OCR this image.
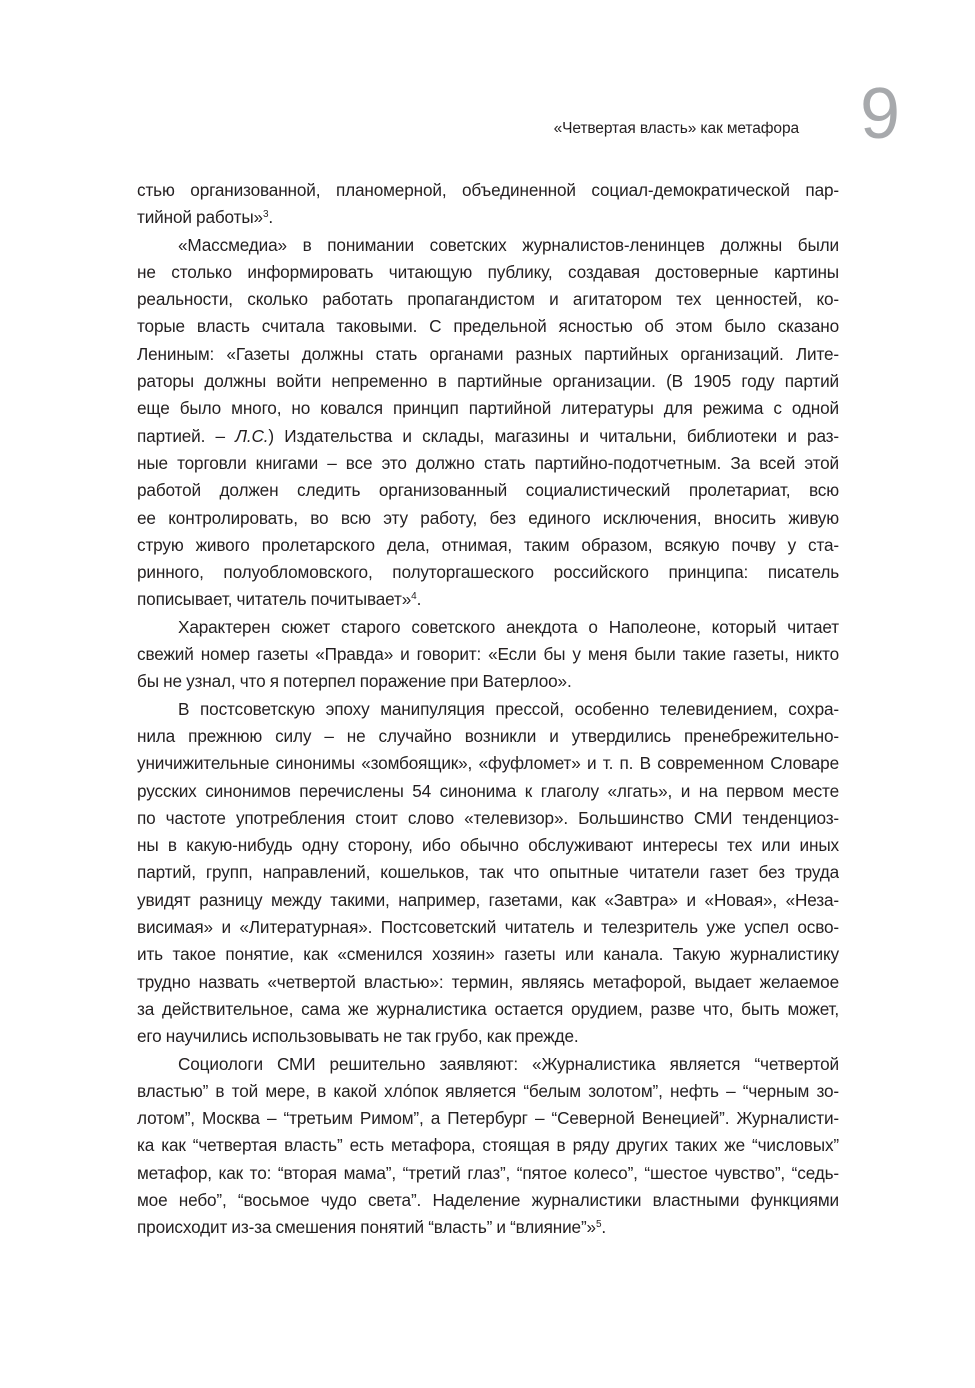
«Четвертая власть» как метафора 9
стью организованной, планомерной, объединенной социал-демократической пар-
тийной работы»$^3$.
«Массмедиа» в понимании советских журналистов-ленинцев должны были
не столько информировать читающую публику, создавая достоверные картины
реальности, сколько работать пропагандистом и агитатором тех ценностей, ко-
торые власть считала таковыми. С предельной ясностью об этом было сказано
Лениным: «Газеты должны стать органами разных партийных организаций. Лите-
раторы должны войти непременно в партийные организации. (В 1905 году партий
еще было много, но ковался принцип партийной литературы для режима с одной
партией. – Л.С.) Издательства и склады, магазины и читальни, библиотеки и раз-
ные торговли книгами – все это должно стать партийно-подотчетным. За всей этой
работой должен следить организованный социалистический пролетариат, всю
ее контролировать, во всю эту работу, без единого исключения, вносить живую
струю живого пролетарского дела, отнимая, таким образом, всякую почву у ста-
ринного, полуобломовского, полуторгашеского российского принципа: писатель
пописывает, читатель почитывает»$^4$.
Характерен сюжет старого советского анекдота о Наполеоне, который читает
свежий номер газеты «Правда» и говорит: «Если бы у меня были такие газеты, никто
бы не узнал, что я потерпел поражение при Ватерлоо».
В постсоветскую эпоху манипуляция прессой, особенно телевидением, сохра-
нила прежнюю силу – не случайно возникли и утвердились пренебрежительно-
уничижительные синонимы «зомбоящик», «фуфломет» и т. п. В современном Словаре
русских синонимов перечислены 54 синонима к глаголу «лгать», и на первом месте
по частоте употребления стоит слово «телевизор». Большинство СМИ тенденциоз-
ны в какую-нибудь одну сторону, ибо обычно обслуживают интересы тех или иных
партий, групп, направлений, кошельков, так что опытные читатели газет без труда
увидят разницу между такими, например, газетами, как «Завтра» и «Новая», «Неза-
висимая» и «Литературная». Постсоветский читатель и телезритель уже успел осво-
ить такое понятие, как «сменился хозяин» газеты или канала. Такую журналистику
трудно назвать «четвертой властью»: термин, являясь метафорой, выдает желаемое
за действительное, сама же журналистика остается орудием, разве что, быть может,
его научились использовывать не так грубо, как прежде.
Социологи СМИ решительно заявляют: «Журналистика является “четвертой
властью” в той мере, в какой хло́пок является “белым золотом”, нефть – “черным зо-
лотом”, Москва – “третьим Римом”, а Петербург – “Северной Венецией”. Журналисти-
ка как “четвертая власть” есть метафора, стоящая в ряду других таких же “числовых”
метафор, как то: “вторая мама”, “третий глаз”, “пятое колесо”, “шестое чувство”, “седь-
мое небо”, “восьмое чудо света”. Наделение журналистики властными функциями
происходит из-за смешения понятий “власть” и “влияние”»$^5$.
